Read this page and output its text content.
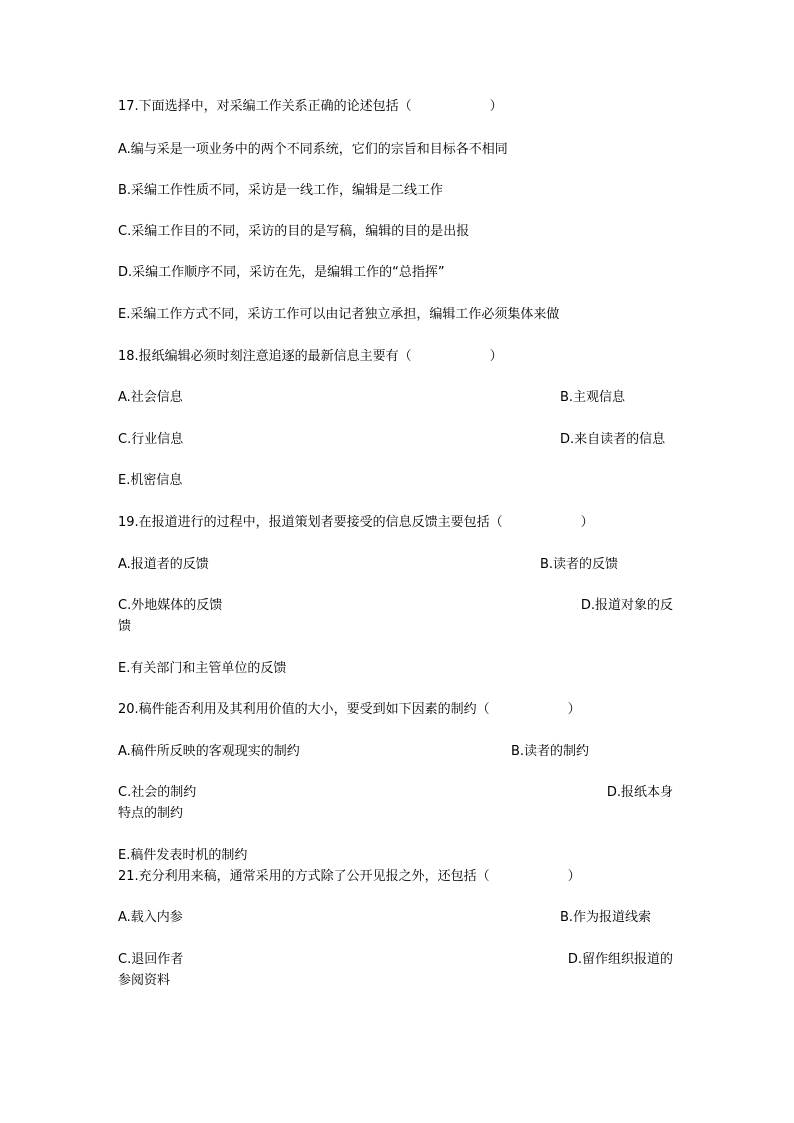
17.下面选择中，对采编工作关系正确的论述包括（　　　　　　）
A.编与采是一项业务中的两个不同系统，它们的宗旨和目标各不相同
B.采编工作性质不同，采访是一线工作，编辑是二线工作
C.采编工作目的不同，采访的目的是写稿，编辑的目的是出报
D.采编工作顺序不同，采访在先，是编辑工作的“总指挥”
E.采编工作方式不同，采访工作可以由记者独立承担，编辑工作必须集体来做
18.报纸编辑必须时刻注意追逐的最新信息主要有（　　　　　　）
A.社会信息	B.主观信息
C.行业信息	D.来自读者的信息
E.机密信息
19.在报道进行的过程中，报道策划者要接受的信息反馈主要包括（　　　　　　）
A.报道者的反馈	B.读者的反馈
C.外地媒体的反馈	D.报道对象的反
馈
E.有关部门和主管单位的反馈
20.稿件能否利用及其利用价值的大小，要受到如下因素的制约（　　　　　　）
A.稿件所反映的客观现实的制约	B.读者的制约
C.社会的制约	D.报纸本身
特点的制约
E.稿件发表时机的制约
21.充分利用来稿，通常采用的方式除了公开见报之外，还包括（　　　　　　）
A.载入内参	B.作为报道线索
C.退回作者	D.留作组织报道的
参阅资料
